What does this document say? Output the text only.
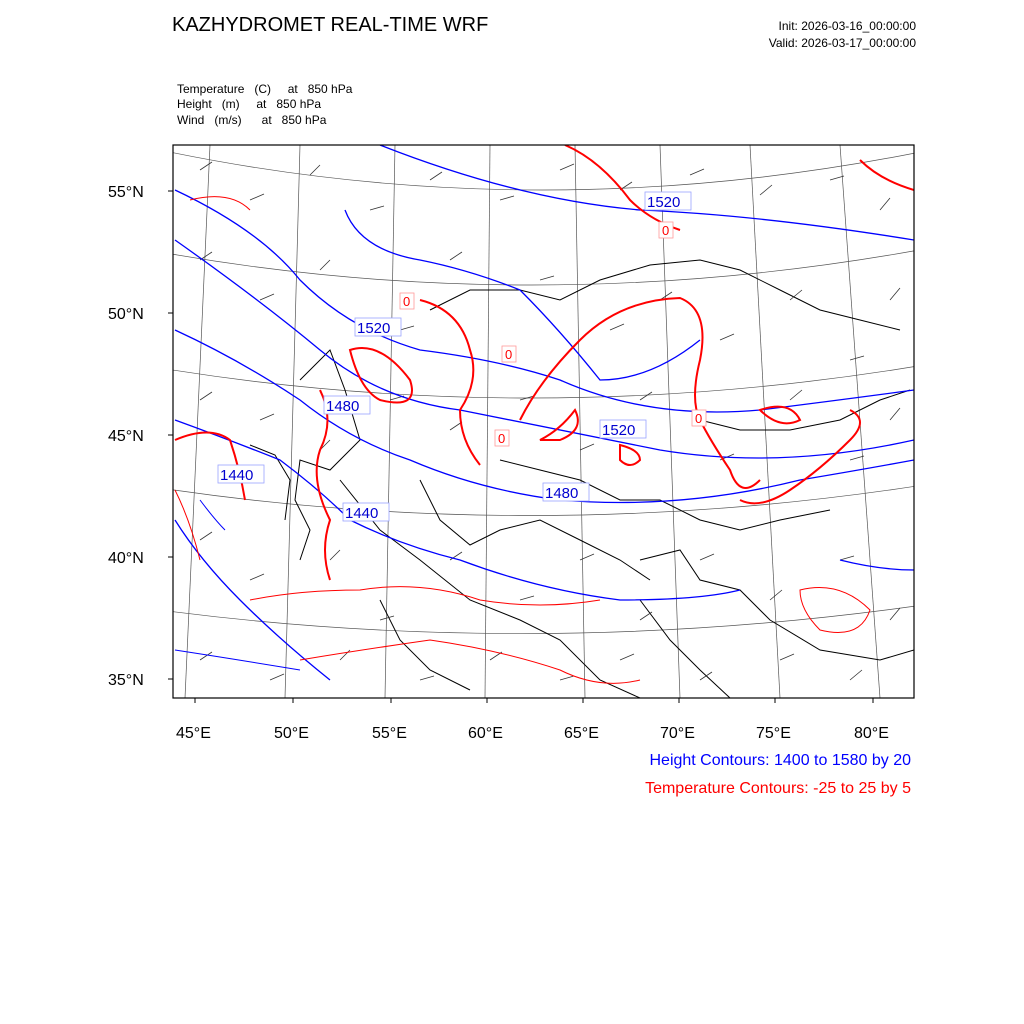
1520
1520
1520
1480
1480
1440
1440
0
0
0
0
0
55°N
50°N
45°N
40°N
35°N
45°E	50°E	55°E	60°E	65°E	70°E	75°E	80°E
KAZHYDROMET REAL-TIME WRF	Init: 2026-03-16_00:00:00
Valid: 2026-03-17_00:00:00
Temperature   (C)     at   850 hPa
Height   (m)     at   850 hPa
Wind   (m/s)      at   850 hPa
Height Contours: 1400 to 1580 by 20
Temperature Contours: -25 to 25 by 5
